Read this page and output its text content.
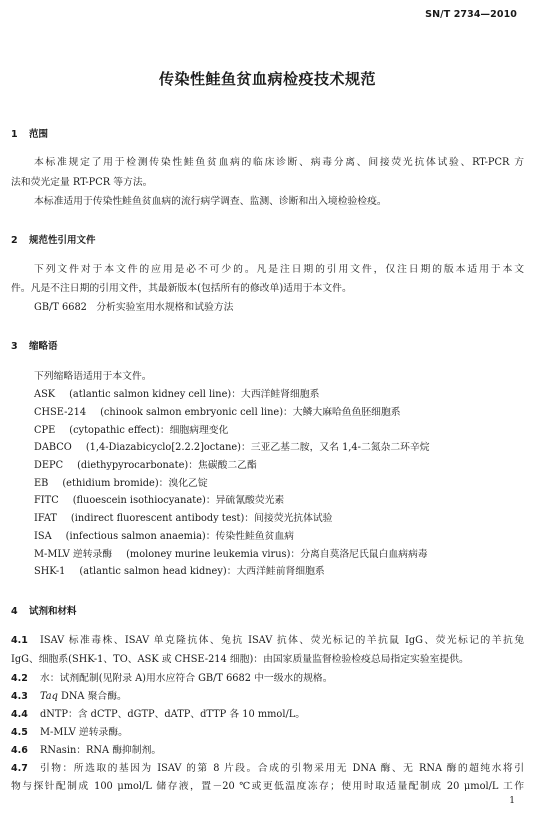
SN/T 2734—2010
传染性鲑鱼贫血病检疫技术规范
1 范围
本标准规定了用于检测传染性鲑鱼贫血病的临床诊断、病毒分离、间接荧光抗体试验、RT-PCR 方
法和荧光定量 RT-PCR 等方法。
本标准适用于传染性鲑鱼贫血病的流行病学调查、监测、诊断和出入境检验检疫。
2 规范性引用文件
下列文件对于本文件的应用是必不可少的。凡是注日期的引用文件，仅注日期的版本适用于本文
件。凡是不注日期的引用文件，其最新版本(包括所有的修改单)适用于本文件。
GB/T 6682 分析实验室用水规格和试验方法
3 缩略语
下列缩略语适用于本文件。
ASK (atlantic salmon kidney cell line)：大西洋鲑肾细胞系
CHSE-214 (chinook salmon embryonic cell line)：大鳞大麻哈鱼鱼胚细胞系
CPE (cytopathic effect)：细胞病理变化
DABCO (1,4-Diazabicyclo[2.2.2]octane)：三亚乙基二胺，又名 1,4-二氮杂二环辛烷
DEPC (diethypyrocarbonate)：焦碳酸二乙酯
EB (ethidium bromide)：溴化乙锭
FITC (fluoescein isothiocyanate)：异硫氰酸荧光素
IFAT (indirect fluorescent antibody test)：间接荧光抗体试验
ISA (infectious salmon anaemia)：传染性鲑鱼贫血病
M-MLV 逆转录酶 (moloney murine leukemia virus)：分离自莫洛尼氏鼠白血病病毒
SHK-1 (atlantic salmon head kidney)：大西洋鲑前肾细胞系
4 试剂和材料
4.1 ISAV 标准毒株、ISAV 单克隆抗体、兔抗 ISAV 抗体、荧光标记的羊抗鼠 IgG、荧光标记的羊抗兔
IgG、细胞系(SHK-1、TO、ASK 或 CHSE-214 细胞)：由国家质量监督检验检疫总局指定实验室提供。
4.2 水：试剂配制(见附录 A)用水应符合 GB/T 6682 中一级水的规格。
4.3 Taq DNA 聚合酶。
4.4 dNTP：含 dCTP、dGTP、dATP、dTTP 各 10 mmol/L。
4.5 M-MLV 逆转录酶。
4.6 RNasin：RNA 酶抑制剂。
4.7 引物：所选取的基因为 ISAV 的第 8 片段。合成的引物采用无 DNA 酶、无 RNA 酶的超纯水将引
物与探针配制成 100 μmol/L 储存液，置－20 ℃或更低温度冻存；使用时取适量配制成 20 μmol/L 工作
1
